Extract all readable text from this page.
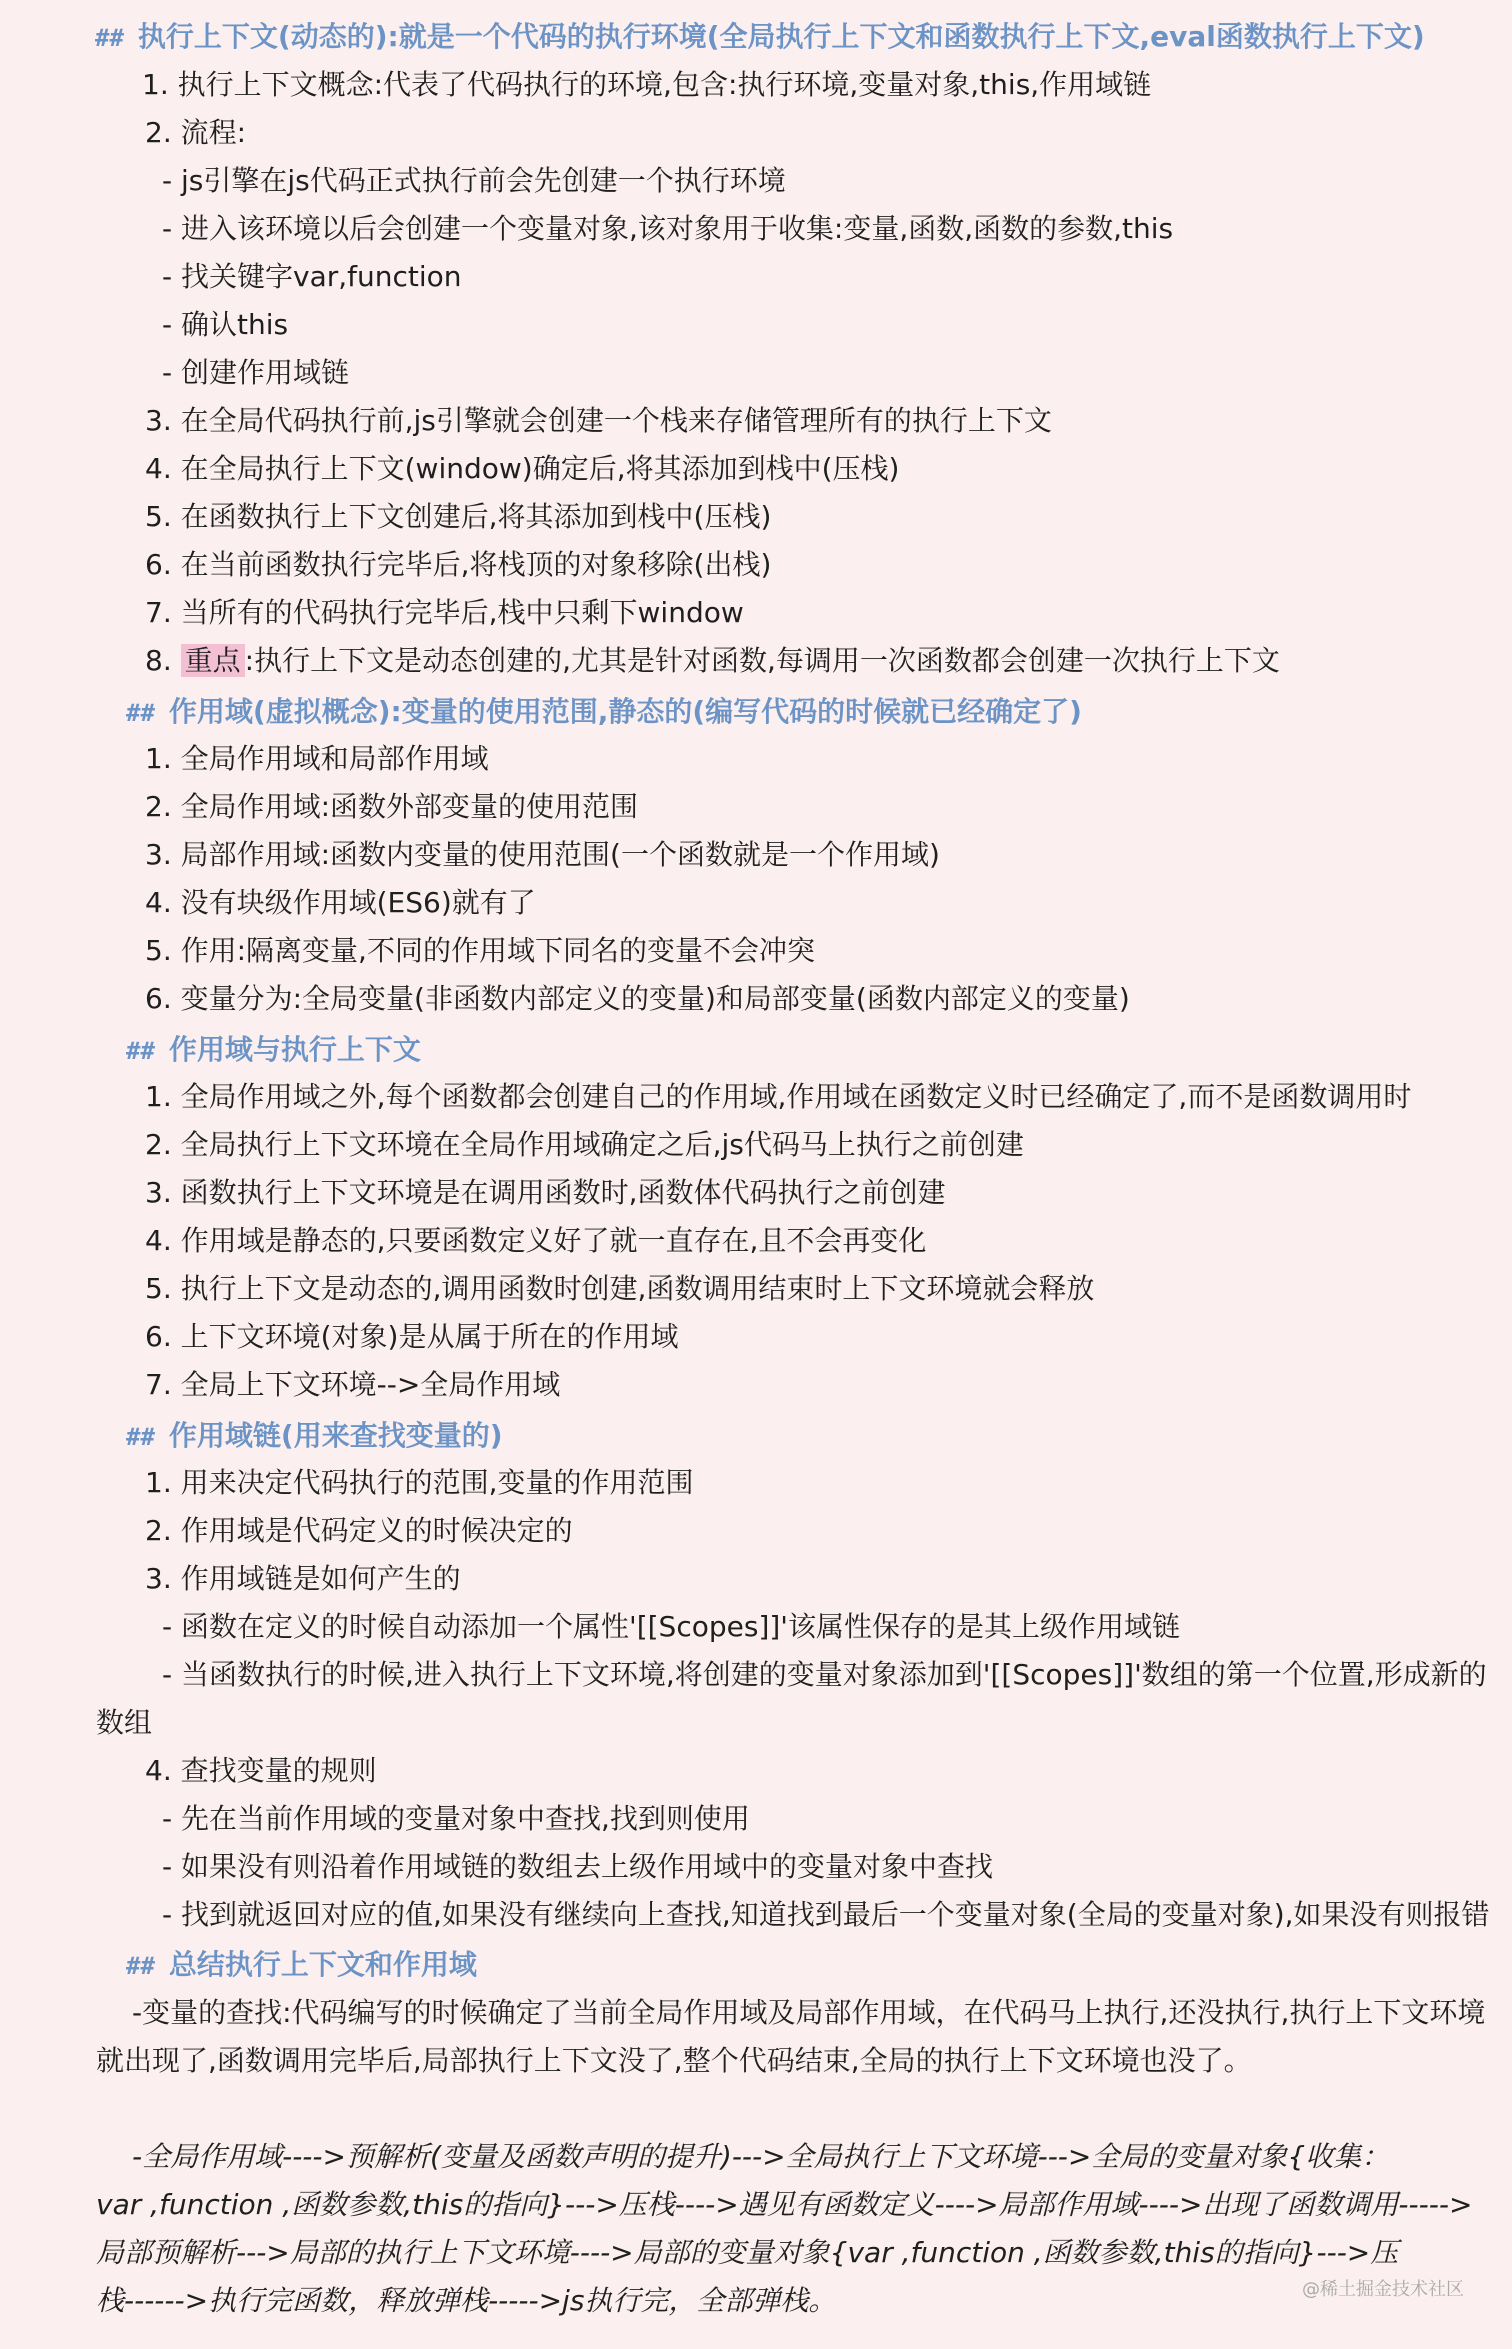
## 执行上下文(动态的):就是一个代码的执行环境(全局执行上下文和函数执行上下文,eval函数执行上下文)
1. 执行上下文概念:代表了代码执行的环境,包含:执行环境,变量对象,this,作用域链
2. 流程:
- js引擎在js代码正式执行前会先创建一个执行环境
- 进入该环境以后会创建一个变量对象,该对象用于收集:变量,函数,函数的参数,this
- 找关键字var,function
- 确认this
- 创建作用域链
3. 在全局代码执行前,js引擎就会创建一个栈来存储管理所有的执行上下文
4. 在全局执行上下文(window)确定后,将其添加到栈中(压栈)
5. 在函数执行上下文创建后,将其添加到栈中(压栈)
6. 在当前函数执行完毕后,将栈顶的对象移除(出栈)
7. 当所有的代码执行完毕后,栈中只剩下window
8. 重点 :执行上下文是动态创建的,尤其是针对函数,每调用一次函数都会创建一次执行上下文
## 作用域(虚拟概念):变量的使用范围,静态的(编写代码的时候就已经确定了)
1. 全局作用域和局部作用域
2. 全局作用域:函数外部变量的使用范围
3. 局部作用域:函数内变量的使用范围(一个函数就是一个作用域)
4. 没有块级作用域(ES6)就有了
5. 作用:隔离变量,不同的作用域下同名的变量不会冲突
6. 变量分为:全局变量(非函数内部定义的变量)和局部变量(函数内部定义的变量)
## 作用域与执行上下文
1. 全局作用域之外,每个函数都会创建自己的作用域,作用域在函数定义时已经确定了,而不是函数调用时
2. 全局执行上下文环境在全局作用域确定之后,js代码马上执行之前创建
3. 函数执行上下文环境是在调用函数时,函数体代码执行之前创建
4. 作用域是静态的,只要函数定义好了就一直存在,且不会再变化
5. 执行上下文是动态的,调用函数时创建,函数调用结束时上下文环境就会释放
6. 上下文环境(对象)是从属于所在的作用域
7. 全局上下文环境-->全局作用域
## 作用域链(用来查找变量的)
1. 用来决定代码执行的范围,变量的作用范围
2. 作用域是代码定义的时候决定的
3. 作用域链是如何产生的
- 函数在定义的时候自动添加一个属性'[[Scopes]]'该属性保存的是其上级作用域链
- 当函数执行的时候,进入执行上下文环境,将创建的变量对象添加到'[[Scopes]]'数组的第一个位置,形成新的
数组
4. 查找变量的规则
- 先在当前作用域的变量对象中查找,找到则使用
- 如果没有则沿着作用域链的数组去上级作用域中的变量对象中查找
- 找到就返回对应的值,如果没有继续向上查找,知道找到最后一个变量对象(全局的变量对象),如果没有则报错
## 总结执行上下文和作用域
-变量的查找:代码编写的时候确定了当前全局作用域及局部作用域，在代码马上执行,还没执行,执行上下文环境
就出现了,函数调用完毕后,局部执行上下文没了,整个代码结束,全局的执行上下文环境也没了。
-全局作用域---->预解析(变量及函数声明的提升)--->全局执行上下文环境--->全局的变量对象{收集：
var ,function ,函数参数,this的指向}--->压栈---->遇见有函数定义---->局部作用域---->出现了函数调用----->
局部预解析--->局部的执行上下文环境---->局部的变量对象{var ,function ,函数参数,this的指向}--->压
栈------>执行完函数，释放弹栈----->js执行完，全部弹栈。	@稀土掘金技术社区
